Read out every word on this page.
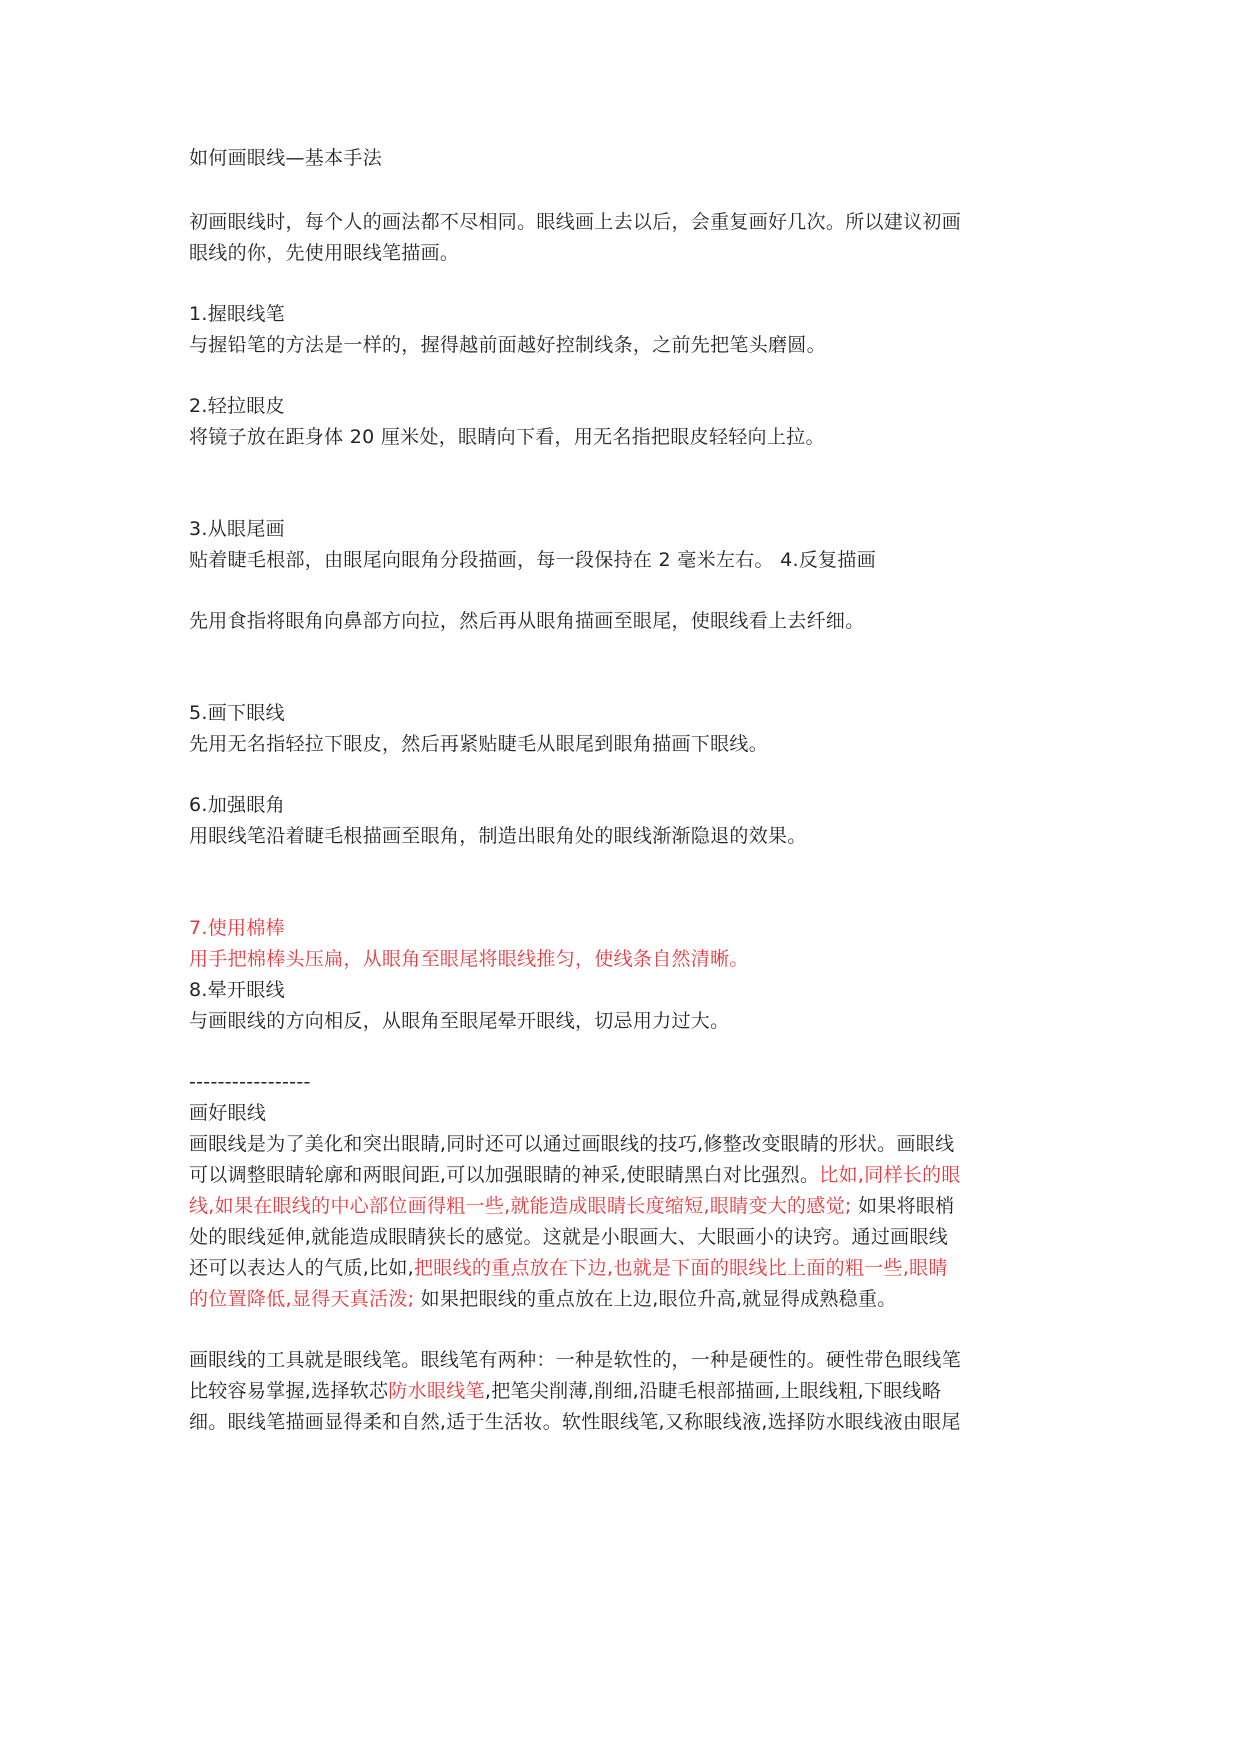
如何画眼线—基本手法
初画眼线时，每个人的画法都不尽相同。眼线画上去以后，会重复画好几次。所以建议初画
眼线的你，先使用眼线笔描画。
1.握眼线笔
与握铅笔的方法是一样的，握得越前面越好控制线条，之前先把笔头磨圆。
2.轻拉眼皮
将镜子放在距身体 20 厘米处，眼睛向下看，用无名指把眼皮轻轻向上拉。
3.从眼尾画
贴着睫毛根部，由眼尾向眼角分段描画，每一段保持在 2 毫米左右。 4.反复描画
先用食指将眼角向鼻部方向拉，然后再从眼角描画至眼尾，使眼线看上去纤细。
5.画下眼线
先用无名指轻拉下眼皮，然后再紧贴睫毛从眼尾到眼角描画下眼线。
6.加强眼角
用眼线笔沿着睫毛根描画至眼角，制造出眼角处的眼线渐渐隐退的效果。
7.使用棉棒
用手把棉棒头压扁，从眼角至眼尾将眼线推匀，使线条自然清晰。
8.晕开眼线
与画眼线的方向相反，从眼角至眼尾晕开眼线，切忌用力过大。
-----------------
画好眼线
画眼线是为了美化和突出眼睛,同时还可以通过画眼线的技巧,修整改变眼睛的形状。画眼线
可以调整眼睛轮廓和两眼间距,可以加强眼睛的神采,使眼睛黑白对比强烈。比如,同样长的眼
线,如果在眼线的中心部位画得粗一些,就能造成眼睛长度缩短,眼睛变大的感觉; 如果将眼梢
处的眼线延伸,就能造成眼睛狭长的感觉。这就是小眼画大、大眼画小的诀窍。通过画眼线
还可以表达人的气质,比如,把眼线的重点放在下边,也就是下面的眼线比上面的粗一些,眼睛
的位置降低,显得天真活泼; 如果把眼线的重点放在上边,眼位升高,就显得成熟稳重。
画眼线的工具就是眼线笔。眼线笔有两种：一种是软性的，一种是硬性的。硬性带色眼线笔
比较容易掌握,选择软芯防水眼线笔,把笔尖削薄,削细,沿睫毛根部描画,上眼线粗,下眼线略
细。眼线笔描画显得柔和自然,适于生活妆。软性眼线笔,又称眼线液,选择防水眼线液由眼尾
